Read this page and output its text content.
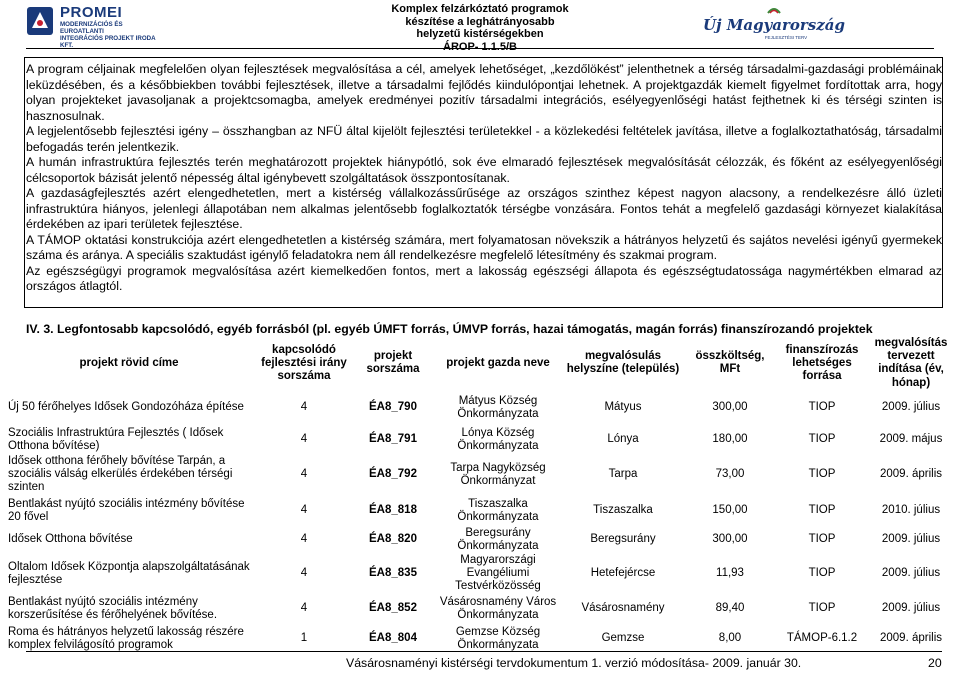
PROMEI
MODERNIZÁCIÓS ÉS EUROATLANTI
INTEGRÁCIÓS PROJEKT IRODA KFT.
Komplex felzárkóztató programok
készítése a leghátrányosabb
helyzetű kistérségekben
ÁROP- 1.1.5/B
Új Magyarország
FEJLESZTÉSI TERV

A program céljainak megfelelően olyan fejlesztések megvalósítása a cél, amelyek lehetőséget, „kezdőlökést” jelenthetnek a térség társadalmi-gazdasági problémáinak leküzdésében, és a későbbiekben további fejlesztések, illetve a társadalmi fejlődés kiindulópontjai lehetnek. A projektgazdák kiemelt figyelmet fordítottak arra, hogy olyan projekteket javasoljanak a projektcsomagba, amelyek eredményei pozitív társadalmi integrációs, esélyegyenlőségi hatást fejthetnek ki és térségi szinten is hasznosulnak.

A legjelentősebb fejlesztési igény – összhangban az NFÜ által kijelölt fejlesztési területekkel - a közlekedési feltételek javítása, illetve a foglalkoztathatóság, társadalmi befogadás terén jelentkezik.

A humán infrastruktúra fejlesztés terén meghatározott projektek hiánypótló, sok éve elmaradó fejlesztések megvalósítását célozzák, és főként az esélyegyenlőségi célcsoportok bázisát jelentő népesség által igénybevett szolgáltatások összpontosítanak.

A gazdaságfejlesztés azért elengedhetetlen, mert a kistérség vállalkozássűrűsége az országos szinthez képest nagyon alacsony, a rendelkezésre álló üzleti infrastruktúra hiányos, jelenlegi állapotában nem alkalmas jelentősebb foglalkoztatók térségbe vonzására. Fontos tehát a megfelelő gazdasági környezet kialakítása érdekében az ipari területek fejlesztése.

A TÁMOP oktatási konstrukciója azért elengedhetetlen a kistérség számára, mert folyamatosan növekszik a hátrányos helyzetű és sajátos nevelési igényű gyermekek száma és aránya. A speciális szaktudást igénylő feladatokra nem áll rendelkezésre megfelelő létesítmény és szakmai program.

Az egészségügyi programok megvalósítása azért kiemelkedően fontos, mert a lakosság egészségi állapota és egészségtudatossága nagymértékben elmarad az országos átlagtól.

IV. 3. Legfontosabb kapcsolódó, egyéb forrásból (pl. egyéb ÚMFT forrás, ÚMVP forrás, hazai támogatás, magán forrás) finanszírozandó projektek
projekt rövid címe	kapcsolódó fejlesztési irány sorszáma	projekt sorszáma	projekt gazda neve	megvalósulás helyszíne (település)	összköltség, MFt	finanszírozás lehetséges forrása	megvalósítás tervezett indítása (év, hónap)
Új 50 férőhelyes Idősek Gondozóháza építése	4	ÉA8_790	Mátyus Község Önkormányzata	Mátyus	300,00	TIOP	2009. július
Szociális Infrastruktúra Fejlesztés ( Idősek Otthona bővítése)	4	ÉA8_791	Lónya Község Önkormányzata	Lónya	180,00	TIOP	2009. május
Idősek otthona férőhely bővítése Tarpán, a szociális válság elkerülés érdekében térségi szinten	4	ÉA8_792	Tarpa Nagyközség Önkormányzat	Tarpa	73,00	TIOP	2009. április
Bentlakást nyújtó szociális intézmény bővítése 20 fővel	4	ÉA8_818	Tiszaszalka Önkormányzata	Tiszaszalka	150,00	TIOP	2010. július
Idősek Otthona bővítése	4	ÉA8_820	Beregsurány Önkormányzata	Beregsurány	300,00	TIOP	2009. július
Oltalom Idősek Központja alapszolgáltatásának fejlesztése	4	ÉA8_835	Magyarországi Evangéliumi Testvérközösség	Hetefejércse	11,93	TIOP	2009. július
Bentlakást nyújtó szociális intézmény korszerűsítése és férőhelyének bővítése.	4	ÉA8_852	Vásárosnamény Város Önkormányzata	Vásárosnamény	89,40	TIOP	2009. július
Roma és hátrányos helyzetű lakosság részére komplex felvilágosító programok	1	ÉA8_804	Gemzse Község Önkormányzata	Gemzse	8,00	TÁMOP-6.1.2	2009. április
Vásárosnaményi kistérségi tervdokumentum 1. verzió módosítása- 2009. január 30.	20
